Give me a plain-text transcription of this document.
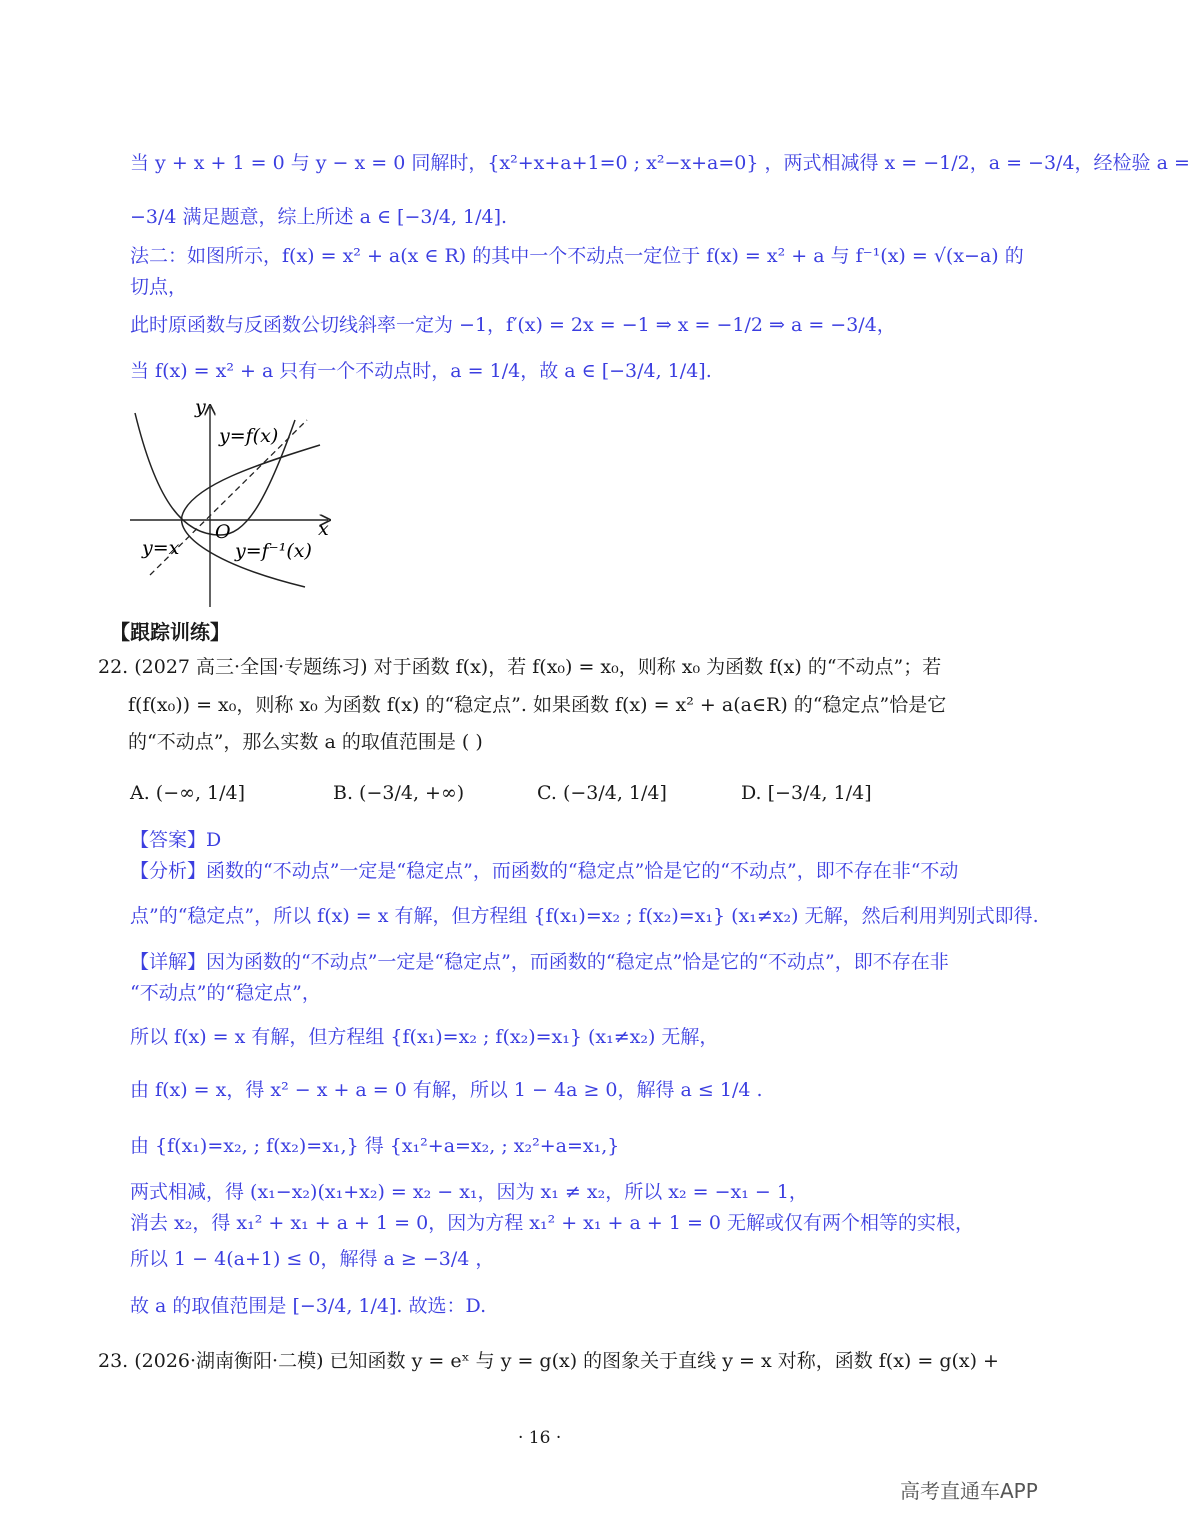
当 y + x + 1 = 0 与 y − x = 0 同解时，{x²+x+a+1=0 ; x²−x+a=0} ，两式相减得 x = −1/2，a = −3/4，经检验 a =
−3/4 满足题意，综上所述 a ∈ [−3/4, 1/4].
法二：如图所示，f(x) = x² + a(x ∈ R) 的其中一个不动点一定位于 f(x) = x² + a 与 f⁻¹(x) = √(x−a) 的
切点，
此时原函数与反函数公切线斜率一定为 −1，f′(x) = 2x = −1 ⇒ x = −1/2 ⇒ a = −3/4，
当 f(x) = x² + a 只有一个不动点时，a = 1/4，故 a ∈ [−3/4, 1/4].
y
x
O
y=f(x)
y=x	y=f⁻¹(x)
【跟踪训练】
22. (2027 高三·全国·专题练习) 对于函数 f(x)，若 f(x₀) = x₀，则称 x₀ 为函数 f(x) 的“不动点”；若
f(f(x₀)) = x₀，则称 x₀ 为函数 f(x) 的“稳定点”. 如果函数 f(x) = x² + a(a∈R) 的“稳定点”恰是它
的“不动点”，那么实数 a 的取值范围是 ( )
A. (−∞, 1/4]	B. (−3/4, +∞)	C. (−3/4, 1/4]	D. [−3/4, 1/4]
【答案】D
【分析】函数的“不动点”一定是“稳定点”，而函数的“稳定点”恰是它的“不动点”，即不存在非“不动
点”的“稳定点”，所以 f(x) = x 有解，但方程组 {f(x₁)=x₂ ; f(x₂)=x₁} (x₁≠x₂) 无解，然后利用判别式即得.
【详解】因为函数的“不动点”一定是“稳定点”，而函数的“稳定点”恰是它的“不动点”，即不存在非
“不动点”的“稳定点”，
所以 f(x) = x 有解，但方程组 {f(x₁)=x₂ ; f(x₂)=x₁} (x₁≠x₂) 无解，
由 f(x) = x，得 x² − x + a = 0 有解，所以 1 − 4a ≥ 0，解得 a ≤ 1/4 .
由 {f(x₁)=x₂, ; f(x₂)=x₁,} 得 {x₁²+a=x₂, ; x₂²+a=x₁,}
两式相减，得 (x₁−x₂)(x₁+x₂) = x₂ − x₁，因为 x₁ ≠ x₂，所以 x₂ = −x₁ − 1，
消去 x₂，得 x₁² + x₁ + a + 1 = 0，因为方程 x₁² + x₁ + a + 1 = 0 无解或仅有两个相等的实根，
所以 1 − 4(a+1) ≤ 0，解得 a ≥ −3/4 ，
故 a 的取值范围是 [−3/4, 1/4]. 故选：D.
23. (2026·湖南衡阳·二模) 已知函数 y = eˣ 与 y = g(x) 的图象关于直线 y = x 对称，函数 f(x) = g(x) +
· 16 ·
高考直通车APP
